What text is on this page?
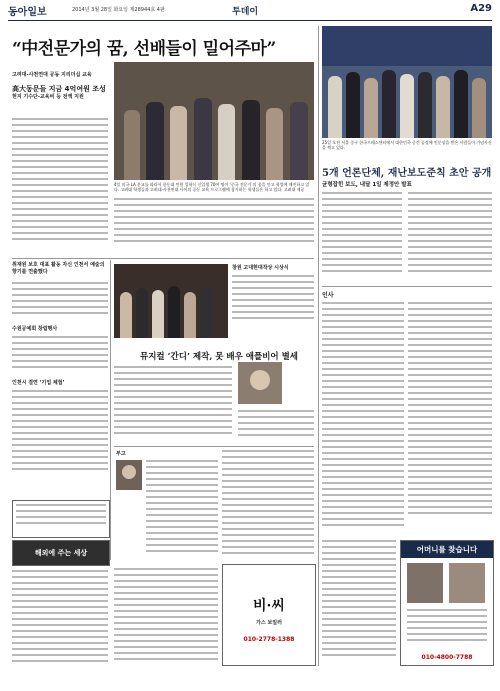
동아일보	2014년 3월 28일 화요일 제28944호 4판	투데이	A29
“中전문가의 꿈, 선배들이 밀어주마”
고려대-사천연대 공동 지리더십 교육
高大동문들 지금 4억여원 조성
현지 기수단-교육비 등 전액 지원
4일 미국 LA 분교를 따라서 한동대 인원 입학식 신입생 70여 명이 ‘중국 전문가’의 꿈을 안고 학업에 매진하고 있다. 고려대 학생들과 고려대·사천연대 사이의 공동 교육 프로그램에 참가하는 학생들은 하고 있다. 고려대 제공
25일 오전 서울 중구 한국프레스센터에서 대한민국 중견 공정에 인문상을 받은 사람들이 기념사진을 찍고 있다.
5개 언론단체, 재난보도준칙 초안 공개
균형잡힌 보도, 내달 1일 제정안 발표
취재원 보호 대표 활동 자신 인천서 예술의 향기를 연출했다
수원공예회 창립행사
인천시 결연 ‘기업 체험’
창원 고대현대작상 시상식
뮤지컬 ‘간디’ 제작, 못 배우 애플비어 별세
부고
인사
해외에 주는 세상
비·씨
가스 보일러
010-2778-1388
어머니를 찾습니다
010-4800-7788
